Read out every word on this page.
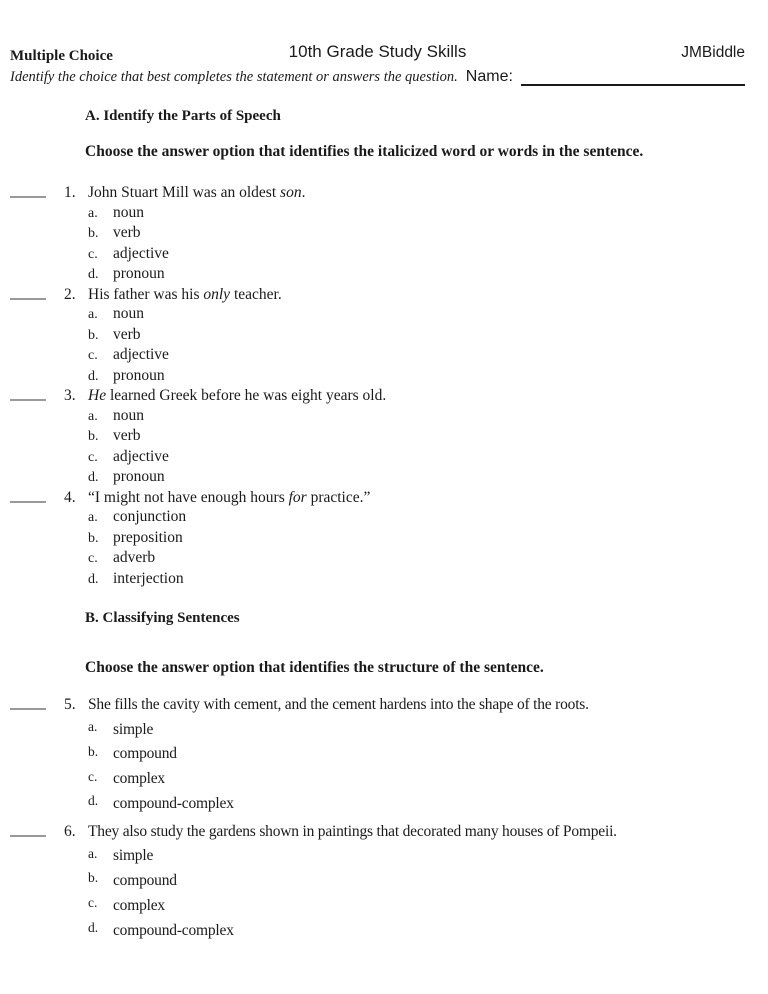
Multiple Choice	10th Grade Study Skills	JMBiddle
Identify the choice that best completes the statement or answers the question. Name:
A. Identify the Parts of Speech
Choose the answer option that identifies the italicized word or words in the sentence.
1. John Stuart Mill was an oldest son.
a. noun
b. verb
c. adjective
d. pronoun
2. His father was his only teacher.
a. noun
b. verb
c. adjective
d. pronoun
3. He learned Greek before he was eight years old.
a. noun
b. verb
c. adjective
d. pronoun
4. “I might not have enough hours for practice.”
a. conjunction
b. preposition
c. adverb
d. interjection
B. Classifying Sentences
Choose the answer option that identifies the structure of the sentence.
5. She fills the cavity with cement, and the cement hardens into the shape of the roots.
a.	simple
b. compound
c.	complex
d. compound-complex
6. They also study the gardens shown in paintings that decorated many houses of Pompeii.
a.	simple
b. compound
c.	complex
d. compound-complex
